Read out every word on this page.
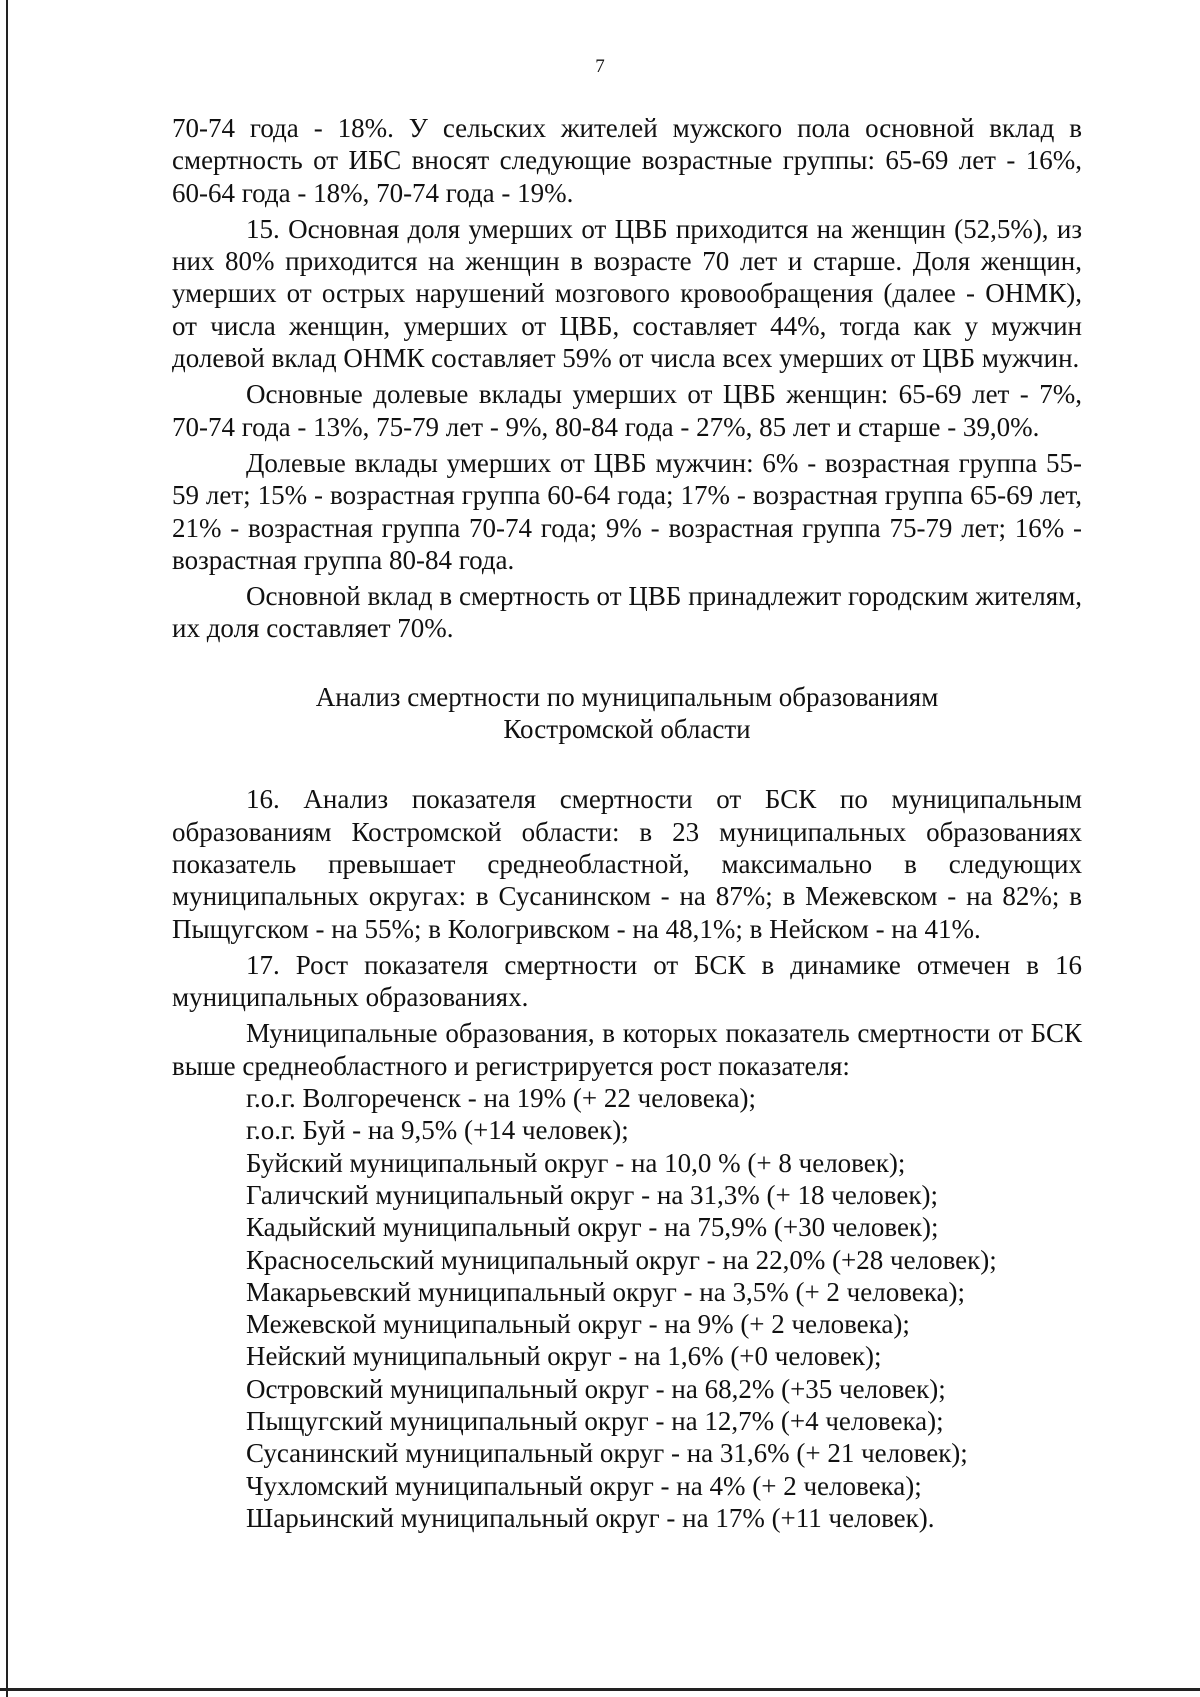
7

70-74 года - 18%. У сельских жителей мужского пола основной вклад в смертность от ИБС вносят следующие возрастные группы: 65-69 лет - 16%, 60-64 года - 18%, 70-74 года - 19%.

15. Основная доля умерших от ЦВБ приходится на женщин (52,5%), из них 80% приходится на женщин в возрасте 70 лет и старше. Доля женщин, умерших от острых нарушений мозгового кровообращения (далее - ОНМК), от числа женщин, умерших от ЦВБ, составляет 44%, тогда как у мужчин долевой вклад ОНМК составляет 59% от числа всех умерших от ЦВБ мужчин.

Основные долевые вклады умерших от ЦВБ женщин: 65-69 лет - 7%, 70-74 года - 13%, 75-79 лет - 9%, 80-84 года - 27%, 85 лет и старше - 39,0%.

Долевые вклады умерших от ЦВБ мужчин: 6% - возрастная группа 55-59 лет; 15% - возрастная группа 60-64 года; 17% - возрастная группа 65-69 лет, 21% - возрастная группа 70-74 года; 9% - возрастная группа 75-79 лет; 16% - возрастная группа 80-84 года.

Основной вклад в смертность от ЦВБ принадлежит городским жителям, их доля составляет 70%.

Анализ смертности по муниципальным образованиям
Костромской области

16. Анализ показателя смертности от БСК по муниципальным образованиям Костромской области: в 23 муниципальных образованиях показатель превышает среднеобластной, максимально в следующих муниципальных округах: в Сусанинском - на 87%; в Межевском - на 82%; в Пыщугском - на 55%; в Кологривском - на 48,1%; в Нейском - на 41%.

17. Рост показателя смертности от БСК в динамике отмечен в 16 муниципальных образованиях.

Муниципальные образования, в которых показатель смертности от БСК выше среднеобластного и регистрируется рост показателя:

г.о.г. Волгореченск - на 19% (+ 22 человека);
г.о.г. Буй - на 9,5% (+14 человек);
Буйский муниципальный округ - на 10,0 % (+ 8 человек);
Галичский муниципальный округ - на 31,3% (+ 18 человек);
Кадыйский муниципальный округ - на 75,9% (+30 человек);
Красносельский муниципальный округ - на 22,0% (+28 человек);
Макарьевский муниципальный округ - на 3,5% (+ 2 человека);
Межевской муниципальный округ - на 9% (+ 2 человека);
Нейский муниципальный округ - на 1,6% (+0 человек);
Островский муниципальный округ - на 68,2% (+35 человек);
Пыщугский муниципальный округ - на 12,7% (+4 человека);
Сусанинский муниципальный округ - на 31,6% (+ 21 человек);
Чухломский муниципальный округ - на 4% (+ 2 человека);
Шарьинский муниципальный округ - на 17% (+11 человек).
